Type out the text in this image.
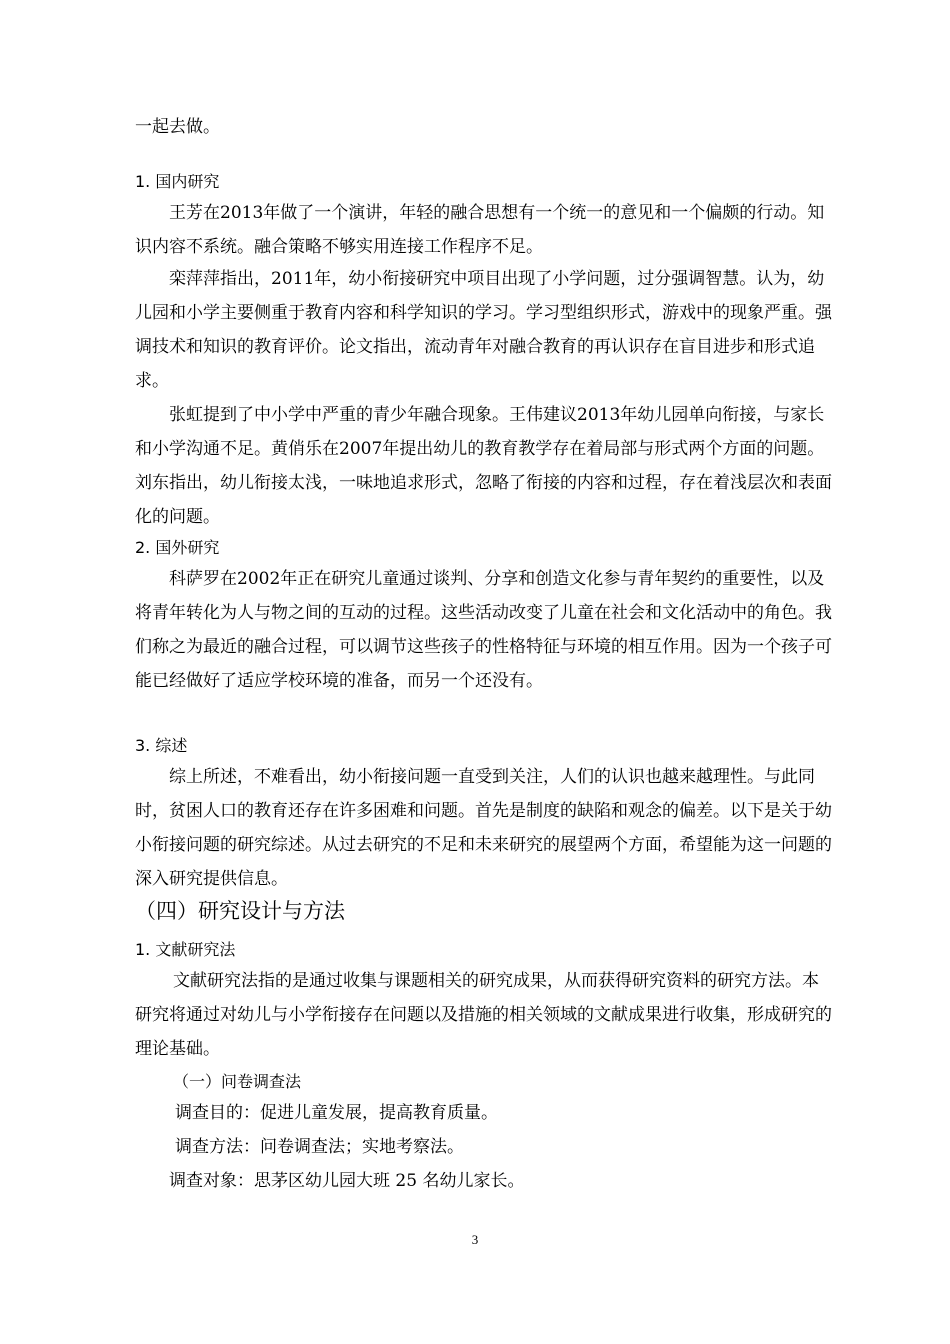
一起去做。

1. 国内研究

王芳在2013年做了一个演讲，年轻的融合思想有一个统一的意见和一个偏颇的行动。知识内容不系统。融合策略不够实用连接工作程序不足。

栾萍萍指出，2011年，幼小衔接研究中项目出现了小学问题，过分强调智慧。认为，幼儿园和小学主要侧重于教育内容和科学知识的学习。学习型组织形式，游戏中的现象严重。强调技术和知识的教育评价。论文指出，流动青年对融合教育的再认识存在盲目进步和形式追求。

张虹提到了中小学中严重的青少年融合现象。王伟建议2013年幼儿园单向衔接，与家长和小学沟通不足。黄俏乐在2007年提出幼儿的教育教学存在着局部与形式两个方面的问题。刘东指出，幼儿衔接太浅，一味地追求形式，忽略了衔接的内容和过程，存在着浅层次和表面化的问题。

2. 国外研究

科萨罗在2002年正在研究儿童通过谈判、分享和创造文化参与青年契约的重要性，以及将青年转化为人与物之间的互动的过程。这些活动改变了儿童在社会和文化活动中的角色。我们称之为最近的融合过程，可以调节这些孩子的性格特征与环境的相互作用。因为一个孩子可能已经做好了适应学校环境的准备，而另一个还没有。

3. 综述

综上所述，不难看出，幼小衔接问题一直受到关注，人们的认识也越来越理性。与此同时，贫困人口的教育还存在许多困难和问题。首先是制度的缺陷和观念的偏差。以下是关于幼小衔接问题的研究综述。从过去研究的不足和未来研究的展望两个方面，希望能为这一问题的深入研究提供信息。

（四）研究设计与方法
1. 文献研究法

文献研究法指的是通过收集与课题相关的研究成果，从而获得研究资料的研究方法。本研究将通过对幼儿与小学衔接存在问题以及措施的相关领域的文献成果进行收集，形成研究的理论基础。

（一）问卷调查法

调查目的：促进儿童发展，提高教育质量。

调查方法：问卷调查法；实地考察法。

调查对象：思茅区幼儿园大班 25 名幼儿家长。

3
